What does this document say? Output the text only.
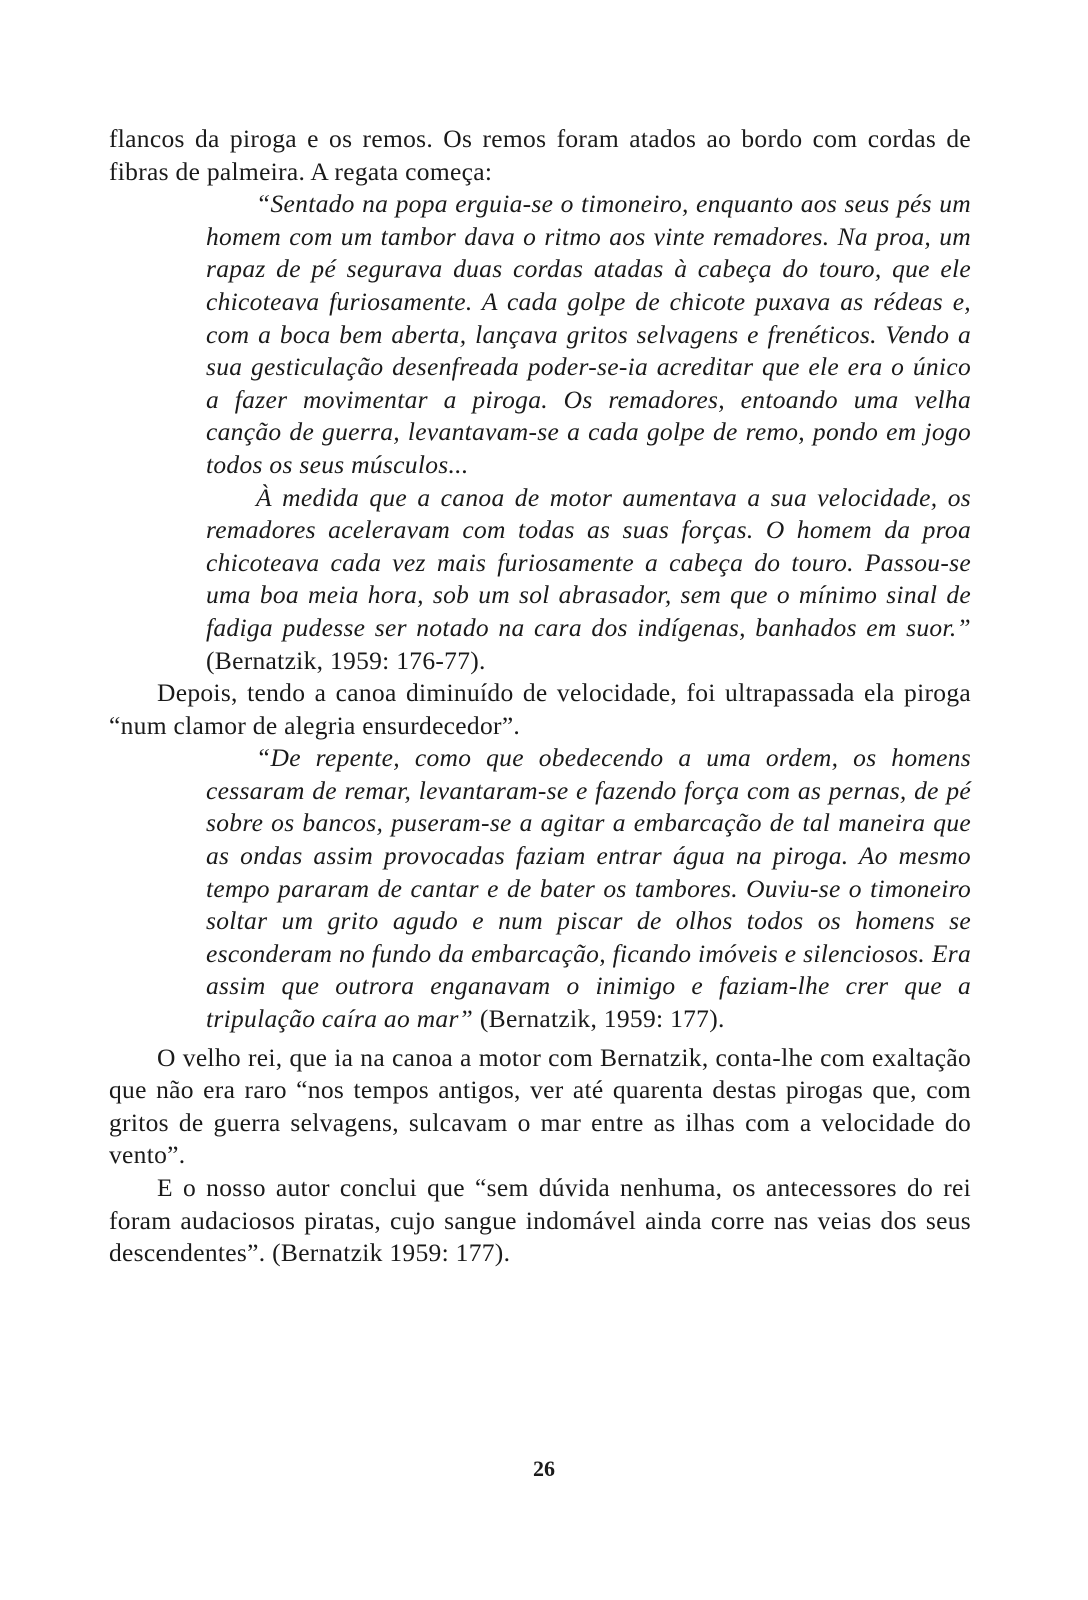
flancos da piroga e os remos. Os remos foram atados ao bordo com cordas de fibras de palmeira. A regata começa:

“Sentado na popa erguia-se o timoneiro, enquanto aos seus pés um homem com um tambor dava o ritmo aos vinte remadores. Na proa, um rapaz de pé segurava duas cordas atadas à cabeça do touro, que ele chicoteava furiosamente. A cada golpe de chicote puxava as rédeas e, com a boca bem aberta, lançava gritos selvagens e frenéticos. Vendo a sua gesticulação desenfreada poder-se-ia acreditar que ele era o único a fazer movimentar a piroga. Os remadores, entoando uma velha canção de guerra, levantavam-se a cada golpe de remo, pondo em jogo todos os seus músculos...

À medida que a canoa de motor aumentava a sua velocidade, os remadores aceleravam com todas as suas forças. O homem da proa chicoteava cada vez mais furiosamente a cabeça do touro. Passou-se uma boa meia hora, sob um sol abrasador, sem que o mínimo sinal de fadiga pudesse ser notado na cara dos indígenas, banhados em suor.” (Bernatzik, 1959: 176-77).

Depois, tendo a canoa diminuído de velocidade, foi ultrapassada ela piroga “num clamor de alegria ensurdecedor”.

“De repente, como que obedecendo a uma ordem, os homens cessaram de remar, levantaram-se e fazendo força com as pernas, de pé sobre os bancos, puseram-se a agitar a embarcação de tal maneira que as ondas assim provocadas faziam entrar água na piroga. Ao mesmo tempo pararam de cantar e de bater os tambores. Ouviu-se o timoneiro soltar um grito agudo e num piscar de olhos todos os homens se esconderam no fundo da embarcação, ficando imóveis e silenciosos. Era assim que outrora enganavam o inimigo e faziam-lhe crer que a tripulação caíra ao mar” (Bernatzik, 1959: 177).

O velho rei, que ia na canoa a motor com Bernatzik, conta-lhe com exaltação que não era raro “nos tempos antigos, ver até quarenta destas pirogas que, com gritos de guerra selvagens, sulcavam o mar entre as ilhas com a velocidade do vento”.

E o nosso autor conclui que “sem dúvida nenhuma, os antecessores do rei foram audaciosos piratas, cujo sangue indomável ainda corre nas veias dos seus descendentes”. (Bernatzik 1959: 177).

26
